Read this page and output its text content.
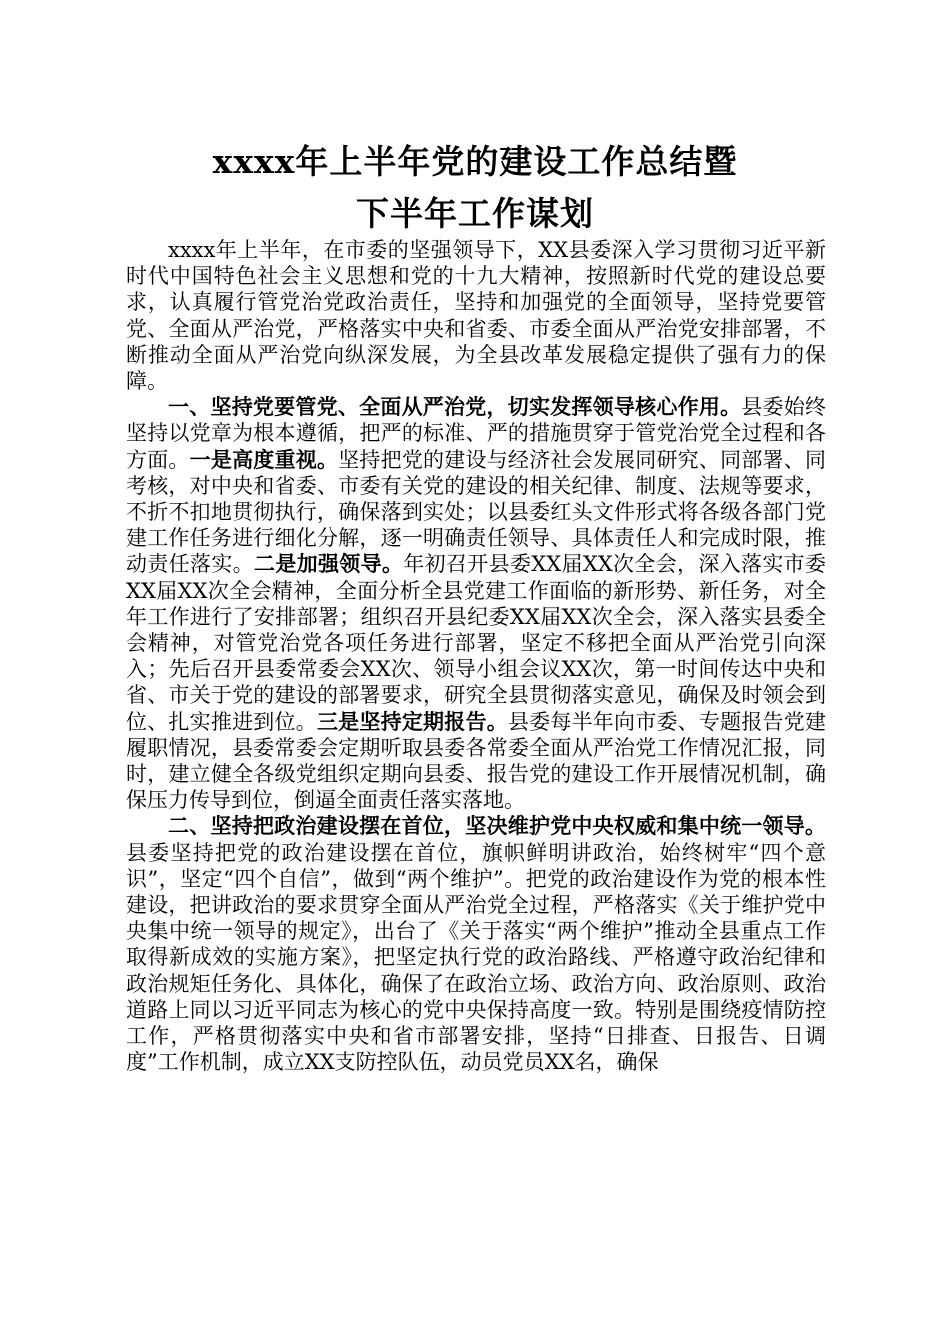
xxxx年上半年党的建设工作总结暨
下半年工作谋划

xxxx年上半年，在市委的坚强领导下，XX县委深入学习贯彻习近平新时代中国特色社会主义思想和党的十九大精神，按照新时代党的建设总要求，认真履行管党治党政治责任，坚持和加强党的全面领导，坚持党要管党、全面从严治党，严格落实中央和省委、市委全面从严治党安排部署，不断推动全面从严治党向纵深发展，为全县改革发展稳定提供了强有力的保障。

一、坚持党要管党、全面从严治党，切实发挥领导核心作用。县委始终坚持以党章为根本遵循，把严的标准、严的措施贯穿于管党治党全过程和各方面。一是高度重视。坚持把党的建设与经济社会发展同研究、同部署、同考核，对中央和省委、市委有关党的建设的相关纪律、制度、法规等要求，不折不扣地贯彻执行，确保落到实处；以县委红头文件形式将各级各部门党建工作任务进行细化分解，逐一明确责任领导、具体责任人和完成时限，推动责任落实。二是加强领导。年初召开县委XX届XX次全会，深入落实市委XX届XX次全会精神，全面分析全县党建工作面临的新形势、新任务，对全年工作进行了安排部署；组织召开县纪委XX届XX次全会，深入落实县委全会精神，对管党治党各项任务进行部署，坚定不移把全面从严治党引向深入；先后召开县委常委会XX次、领导小组会议XX次，第一时间传达中央和省、市关于党的建设的部署要求，研究全县贯彻落实意见，确保及时领会到位、扎实推进到位。三是坚持定期报告。县委每半年向市委、专题报告党建履职情况，县委常委会定期听取县委各常委全面从严治党工作情况汇报，同时，建立健全各级党组织定期向县委、报告党的建设工作开展情况机制，确保压力传导到位，倒逼全面责任落实落地。

二、坚持把政治建设摆在首位，坚决维护党中央权威和集中统一领导。县委坚持把党的政治建设摆在首位，旗帜鲜明讲政治，始终树牢“四个意识”，坚定“四个自信”，做到“两个维护”。把党的政治建设作为党的根本性建设，把讲政治的要求贯穿全面从严治党全过程，严格落实《关于维护党中央集中统一领导的规定》，出台了《关于落实“两个维护”推动全县重点工作取得新成效的实施方案》，把坚定执行党的政治路线、严格遵守政治纪律和政治规矩任务化、具体化，确保了在政治立场、政治方向、政治原则、政治道路上同以习近平同志为核心的党中央保持高度一致。特别是围绕疫情防控工作，严格贯彻落实中央和省市部署安排，坚持“日排查、日报告、日调度”工作机制，成立XX支防控队伍，动员党员XX名，确保
